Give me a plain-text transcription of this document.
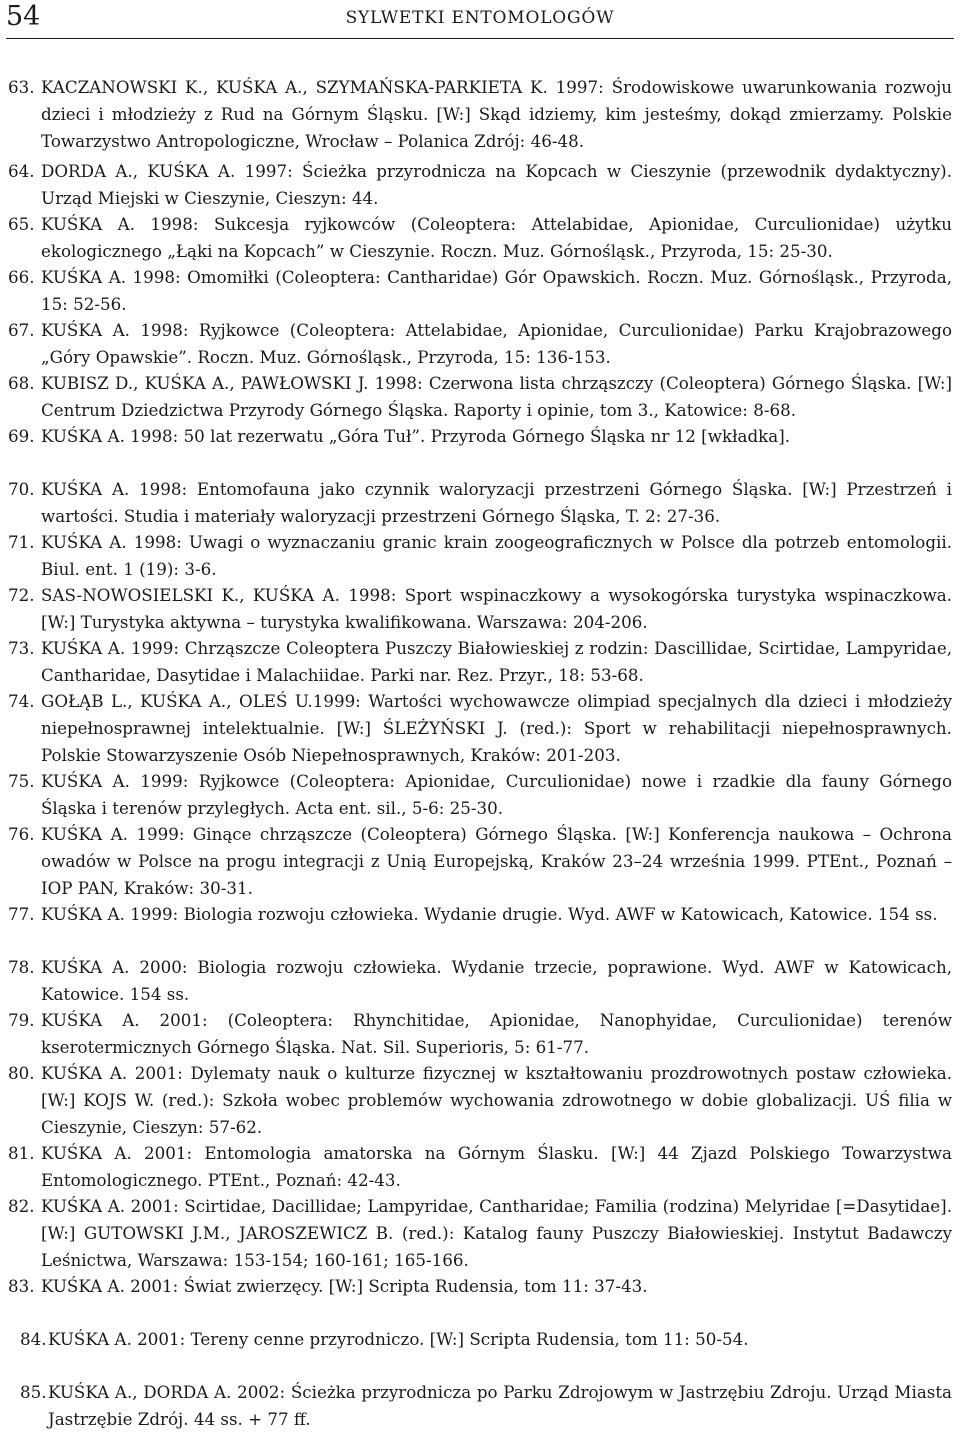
54	SYLWETKI ENTOMOLOGÓW
63. KACZANOWSKI K., KUŚKA A., SZYMAŃSKA-PARKIETA K. 1997: Środowiskowe uwarunkowania rozwoju dzieci i młodzieży z Rud na Górnym Śląsku. [W:] Skąd idziemy, kim jesteśmy, dokąd zmierzamy. Polskie Towarzystwo Antropologiczne, Wrocław – Polanica Zdrój: 46-48.
64. DORDA A., KUŚKA A. 1997: Ścieżka przyrodnicza na Kopcach w Cieszynie (przewodnik dydaktyczny). Urząd Miejski w Cieszynie, Cieszyn: 44.
65. KUŚKA A. 1998: Sukcesja ryjkowców (Coleoptera: Attelabidae, Apionidae, Curculionidae) użytku ekologicznego „Łąki na Kopcach” w Cieszynie. Roczn. Muz. Górnośląsk., Przyroda, 15: 25-30.
66. KUŚKA A. 1998: Omomiłki (Coleoptera: Cantharidae) Gór Opawskich. Roczn. Muz. Górnośląsk., Przyroda, 15: 52-56.
67. KUŚKA A. 1998: Ryjkowce (Coleoptera: Attelabidae, Apionidae, Curculionidae) Parku Krajobrazowego „Góry Opawskie”. Roczn. Muz. Górnośląsk., Przyroda, 15: 136-153.
68. KUBISZ D., KUŚKA A., PAWŁOWSKI J. 1998: Czerwona lista chrząszczy (Coleoptera) Górnego Śląska. [W:] Centrum Dziedzictwa Przyrody Górnego Śląska. Raporty i opinie, tom 3., Katowice: 8-68.
69. KUŚKA A. 1998: 50 lat rezerwatu „Góra Tuł”. Przyroda Górnego Śląska nr 12 [wkładka].
70. KUŚKA A. 1998: Entomofauna jako czynnik waloryzacji przestrzeni Górnego Śląska. [W:] Przestrzeń i wartości. Studia i materiały waloryzacji przestrzeni Górnego Śląska, T. 2: 27-36.
71. KUŚKA A. 1998: Uwagi o wyznaczaniu granic krain zoogeograficznych w Polsce dla potrzeb entomologii. Biul. ent. 1 (19): 3-6.
72. SAS-NOWOSIELSKI K., KUŚKA A. 1998: Sport wspinaczkowy a wysokogórska turystyka wspinaczkowa. [W:] Turystyka aktywna – turystyka kwalifikowana. Warszawa: 204-206.
73. KUŚKA A. 1999: Chrząszcze Coleoptera Puszczy Białowieskiej z rodzin: Dascillidae, Scirtidae, Lampyridae, Cantharidae, Dasytidae i Malachiidae. Parki nar. Rez. Przyr., 18: 53-68.
74. GOŁĄB L., KUŚKA A., OLEŚ U.1999: Wartości wychowawcze olimpiad specjalnych dla dzieci i młodzieży niepełnosprawnej intelektualnie. [W:] ŚLEŻYŃSKI J. (red.): Sport w rehabilitacji niepełnosprawnych. Polskie Stowarzyszenie Osób Niepełnosprawnych, Kraków: 201-203.
75. KUŚKA A. 1999: Ryjkowce (Coleoptera: Apionidae, Curculionidae) nowe i rzadkie dla fauny Górnego Śląska i terenów przyległych. Acta ent. sil., 5-6: 25-30.
76. KUŚKA A. 1999: Ginące chrząszcze (Coleoptera) Górnego Śląska. [W:] Konferencja naukowa – Ochrona owadów w Polsce na progu integracji z Unią Europejską, Kraków 23–24 września 1999. PTEnt., Poznań – IOP PAN, Kraków: 30-31.
77. KUŚKA A. 1999: Biologia rozwoju człowieka. Wydanie drugie. Wyd. AWF w Katowicach, Katowice. 154 ss.
78. KUŚKA A. 2000: Biologia rozwoju człowieka. Wydanie trzecie, poprawione. Wyd. AWF w Katowicach, Katowice. 154 ss.
79. KUŚKA A. 2001: (Coleoptera: Rhynchitidae, Apionidae, Nanophyidae, Curculionidae) terenów kserotermicznych Górnego Śląska. Nat. Sil. Superioris, 5: 61-77.
80. KUŚKA A. 2001: Dylematy nauk o kulturze fizycznej w kształtowaniu prozdrowotnych postaw człowieka. [W:] KOJS W. (red.): Szkoła wobec problemów wychowania zdrowotnego w dobie globalizacji. UŚ filia w Cieszynie, Cieszyn: 57-62.
81. KUŚKA A. 2001: Entomologia amatorska na Górnym Ślasku. [W:] 44 Zjazd Polskiego Towarzystwa Entomologicznego. PTEnt., Poznań: 42-43.
82. KUŚKA A. 2001: Scirtidae, Dacillidae; Lampyridae, Cantharidae; Familia (rodzina) Melyridae [=Dasytidae]. [W:] GUTOWSKI J.M., JAROSZEWICZ B. (red.): Katalog fauny Puszczy Białowieskiej. Instytut Badawczy Leśnictwa, Warszawa: 153-154; 160-161; 165-166.
83. KUŚKA A. 2001: Świat zwierzęcy. [W:] Scripta Rudensia, tom 11: 37-43.
84. KUŚKA A. 2001: Tereny cenne przyrodniczo. [W:] Scripta Rudensia, tom 11: 50-54.
85. KUŚKA A., DORDA A. 2002: Ścieżka przyrodnicza po Parku Zdrojowym w Jastrzębiu Zdroju. Urząd Miasta Jastrzębie Zdrój. 44 ss. + 77 ff.
